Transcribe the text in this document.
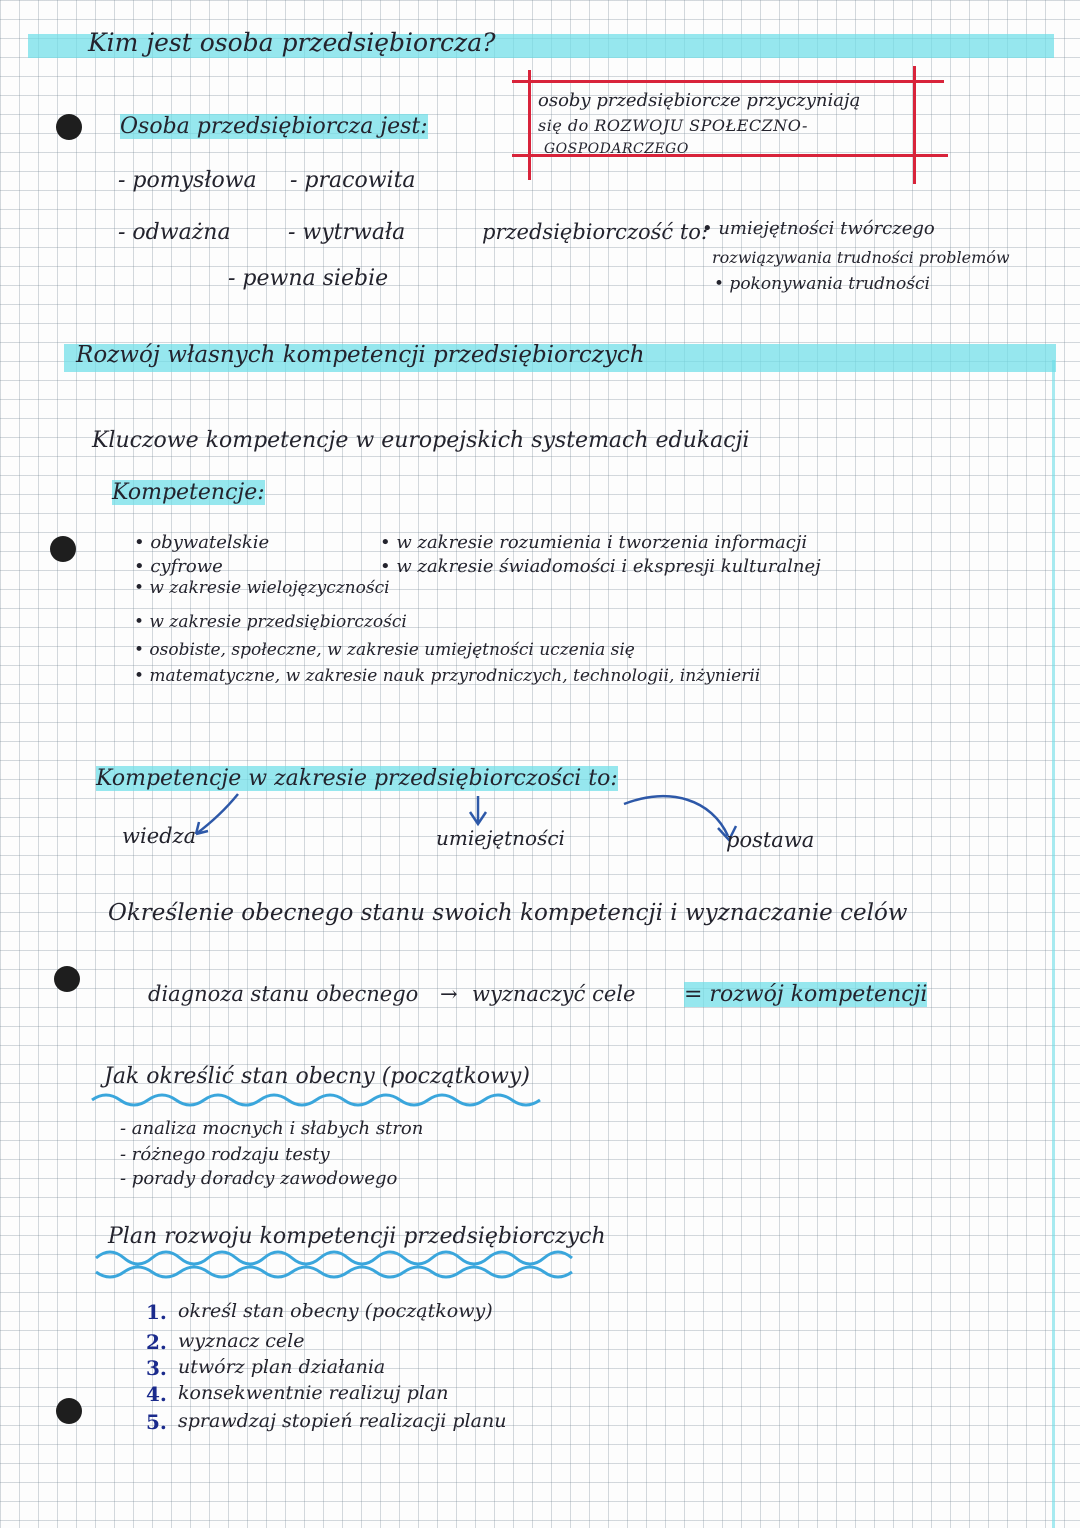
Kim jest osoba przedsiębiorcza?
Osoba przedsiębiorcza jest:
- pomysłowa
- odważna
- pracowita
- wytrwała
- pewna siebie
osoby przedsiębiorcze przyczyniają
się do ROZWOJU SPOŁECZNO-
GOSPODARCZEGO
przedsiębiorczość to:
• umiejętności twórczego
rozwiązywania trudności problemów
• pokonywania trudności
Rozwój własnych kompetencji przedsiębiorczych
Kluczowe kompetencje w europejskich systemach edukacji
Kompetencje:
• obywatelskie
• cyfrowe
• w zakresie wielojęzyczności
• w zakresie przedsiębiorczości
• w zakresie rozumienia i tworzenia informacji
• w zakresie świadomości i ekspresji kulturalnej
• osobiste, społeczne, w zakresie umiejętności uczenia się
• matematyczne, w zakresie nauk przyrodniczych, technologii, inżynierii
Kompetencje w zakresie przedsiębiorczości to:
wiedza	umiejętności	postawa
Określenie obecnego stanu swoich kompetencji i wyznaczanie celów
diagnoza stanu obecnego → wyznaczyć cele = rozwój kompetencji
Jak określić stan obecny (początkowy)
- analiza mocnych i słabych stron
- różnego rodzaju testy
- porady doradcy zawodowego
Plan rozwoju kompetencji przedsiębiorczych
1. określ stan obecny (początkowy)
2. wyznacz cele
3. utwórz plan działania
4. konsekwentnie realizuj plan
5. sprawdzaj stopień realizacji planu
